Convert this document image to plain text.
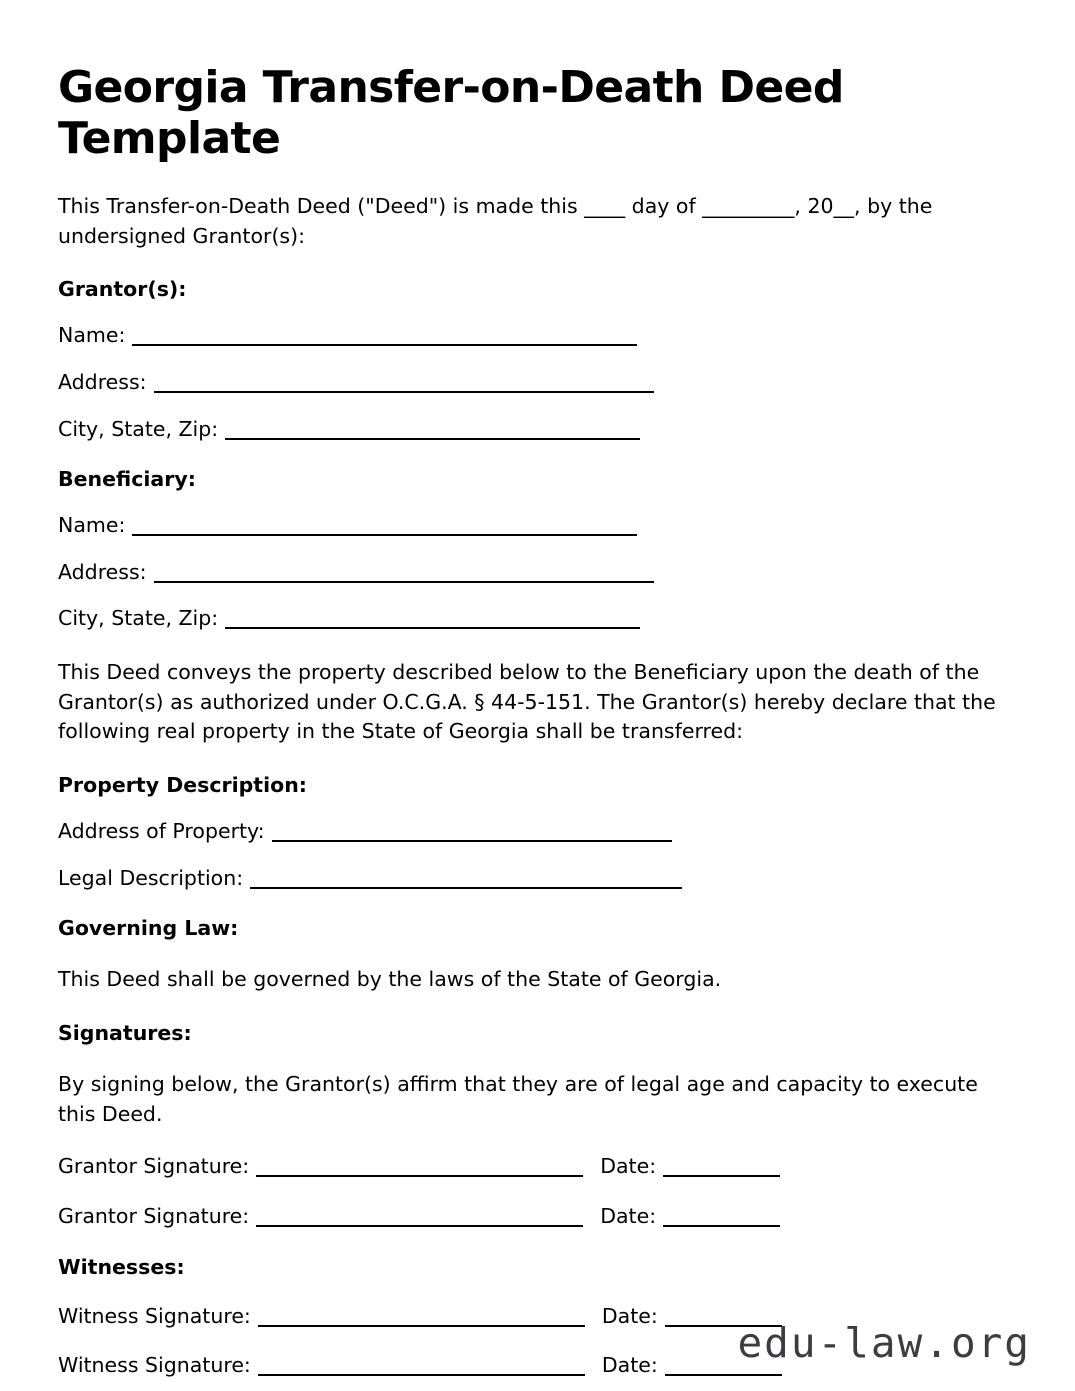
Georgia Transfer-on-Death Deed Template

This Transfer-on-Death Deed ("Deed") is made this ____ day of _________, 20__, by the undersigned Grantor(s):

Grantor(s):
Name:
Address:
City, State, Zip:
Beneficiary:
Name:
Address:
City, State, Zip:

This Deed conveys the property described below to the Beneficiary upon the death of the Grantor(s) as authorized under O.C.G.A. § 44-5-151. The Grantor(s) hereby declare that the following real property in the State of Georgia shall be transferred:

Property Description:
Address of Property:
Legal Description:
Governing Law:

This Deed shall be governed by the laws of the State of Georgia.

Signatures:

By signing below, the Grantor(s) affirm that they are of legal age and capacity to execute this Deed.

Grantor Signature:	Date:
Grantor Signature:	Date:
Witnesses:
Witness Signature:	Date:
Witness Signature:	Date:	edu-law.org
